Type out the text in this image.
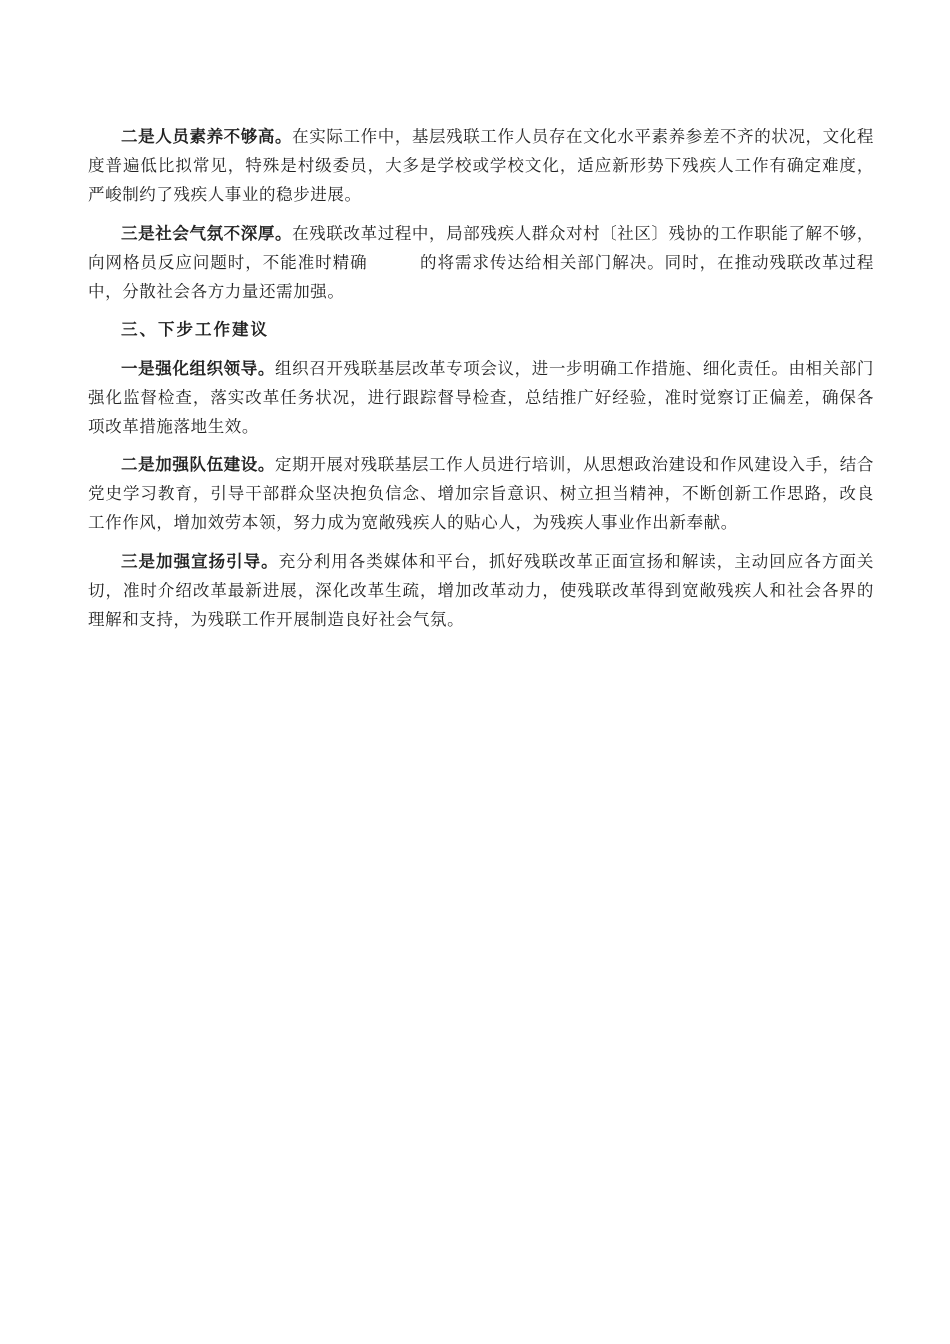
二是人员素养不够高。在实际工作中，基层残联工作人员存在文化水平素养参差不齐的状况，文化程度普遍低比拟常见，特殊是村级委员，大多是学校或学校文化，适应新形势下残疾人工作有确定难度，严峻制约了残疾人事业的稳步进展。

三是社会气氛不深厚。在残联改革过程中，局部残疾人群众对村〔社区〕残协的工作职能了解不够，向网格员反应问题时，不能准时精确　　　的将需求传达给相关部门解决。同时，在推动残联改革过程中，分散社会各方力量还需加强。

三、下步工作建议

一是强化组织领导。组织召开残联基层改革专项会议，进一步明确工作措施、细化责任。由相关部门强化监督检查，落实改革任务状况，进行跟踪督导检查，总结推广好经验，准时觉察订正偏差，确保各项改革措施落地生效。

二是加强队伍建设。定期开展对残联基层工作人员进行培训，从思想政治建设和作风建设入手，结合党史学习教育，引导干部群众坚决抱负信念、增加宗旨意识、树立担当精神，不断创新工作思路，改良工作作风，增加效劳本领，努力成为宽敞残疾人的贴心人，为残疾人事业作出新奉献。

三是加强宣扬引导。充分利用各类媒体和平台，抓好残联改革正面宣扬和解读，主动回应各方面关切，准时介绍改革最新进展，深化改革生疏，增加改革动力，使残联改革得到宽敞残疾人和社会各界的理解和支持，为残联工作开展制造良好社会气氛。
